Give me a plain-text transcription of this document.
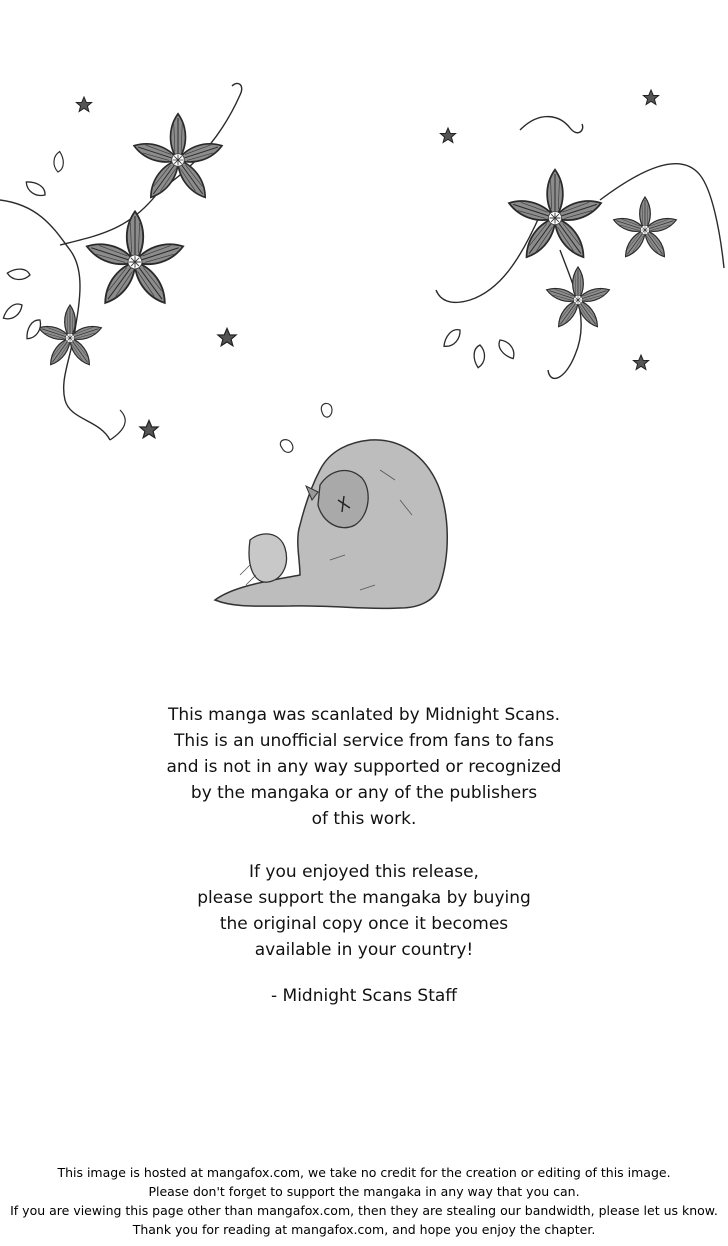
This manga was scanlated by Midnight Scans.
This is an unofficial service from fans to fans
and is not in any way supported or recognized
by the mangaka or any of the publishers
of this work.
If you enjoyed this release,
please support the mangaka by buying
the original copy once it becomes
available in your country!
- Midnight Scans Staff
This image is hosted at mangafox.com, we take no credit for the creation or editing of this image.
Please don't forget to support the mangaka in any way that you can.
If you are viewing this page other than mangafox.com, then they are stealing our bandwidth, please let us know.
Thank you for reading at mangafox.com, and hope you enjoy the chapter.
